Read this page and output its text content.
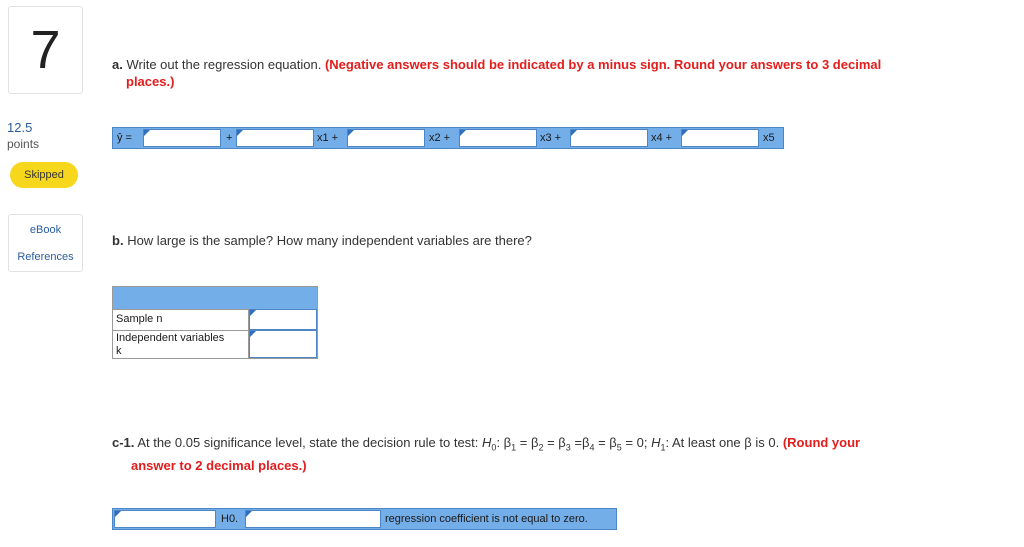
7
12.5
points
Skipped
eBook
References
a. Write out the regression equation. (Negative answers should be indicated by a minus sign. Round your answers to 3 decimal
places.)
ŷ =	+	x1 +	x2 +	x3 +	x4 +	x5
b. How large is the sample? How many independent variables are there?
Sample n
Independent variables
k
c-1. At the 0.05 significance level, state the decision rule to test: $H_0$: $\beta_1 = \beta_2 = \beta_3 =\beta_4 = \beta_5 = 0$; $H_1$: At least one β is 0. (Round your
answer to 2 decimal places.)
H0.	regression coefficient is not equal to zero.
